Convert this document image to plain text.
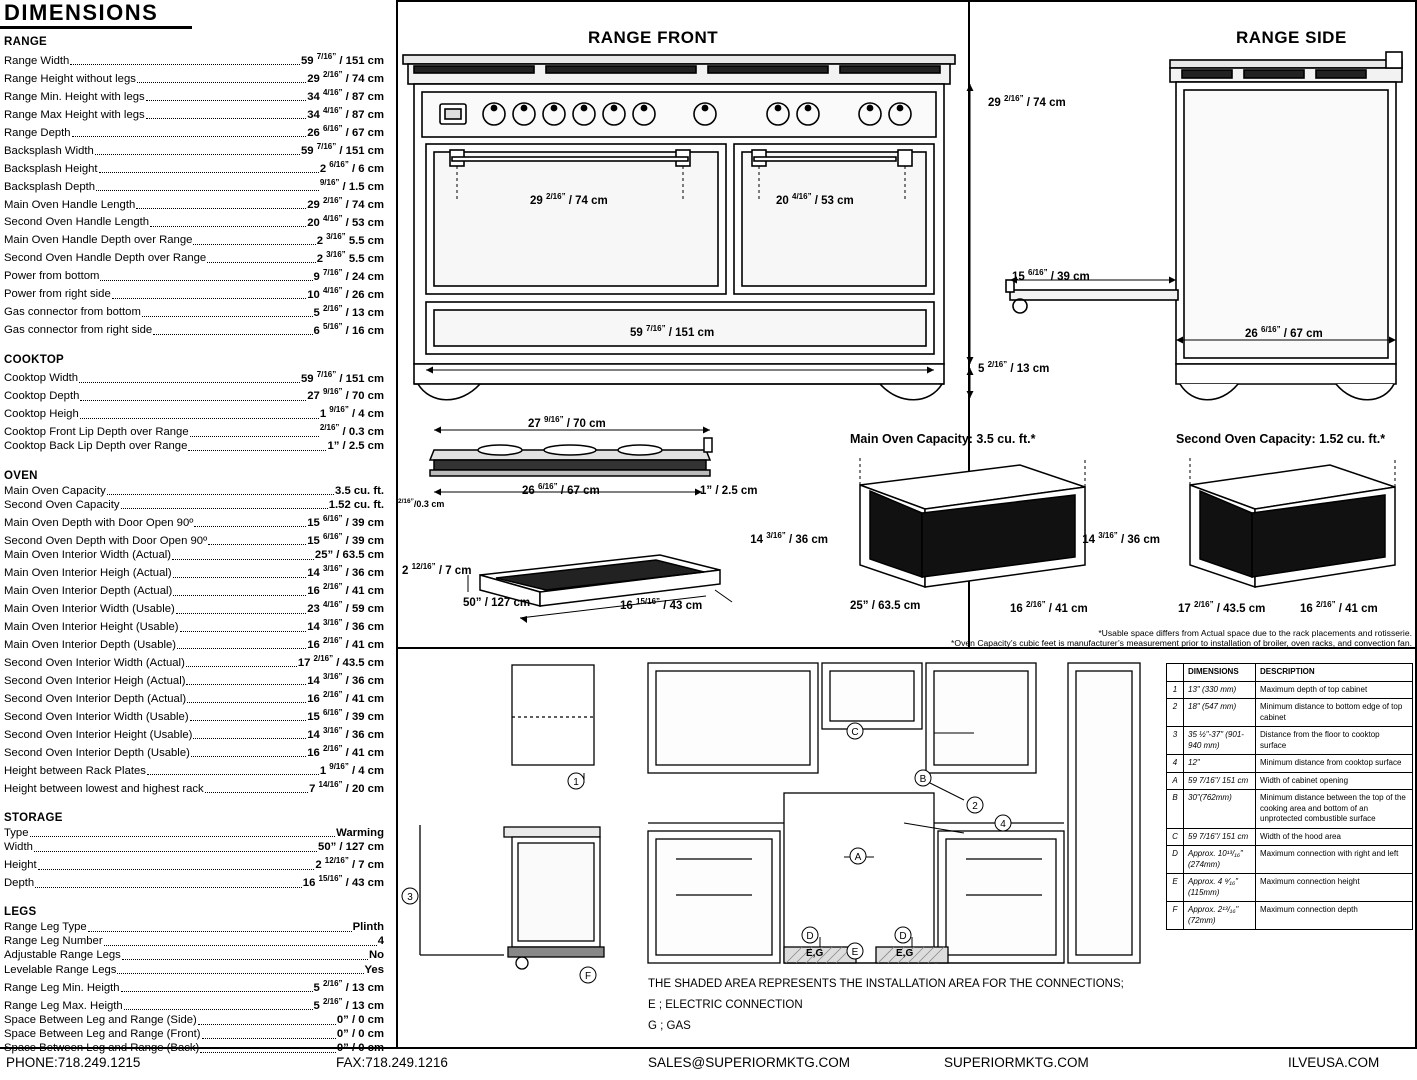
DIMENSIONS
RANGE
Range Width	59 $^{7/16”}$ / 151 cm
Range Height without legs	29 $^{2/16”}$ / 74 cm
Range Min. Height with legs	34 $^{4/16”}$ / 87 cm
Range Max Height with legs	34 $^{4/16”}$ / 87 cm
Range Depth	26 $^{6/16”}$ / 67 cm
Backsplash Width	59 $^{7/16”}$ / 151 cm
Backsplash Height	2 $^{6/16”}$ / 6 cm
Backsplash Depth	$^{9/16”}$ / 1.5 cm
Main Oven Handle Length	29 $^{2/16”}$ / 74 cm
Second Oven Handle Length	20 $^{4/16”}$ / 53 cm
Main Oven Handle Depth over Range	2 $^{3/16”}$ 5.5 cm
Second Oven Handle Depth over Range	2 $^{3/16”}$ 5.5 cm
Power from bottom	9 $^{7/16”}$ / 24 cm
Power from right side	10 $^{4/16”}$ / 26 cm
Gas connector from bottom	5 $^{2/16”}$ / 13 cm
Gas connector from right side	6 $^{5/16”}$ / 16 cm
COOKTOP
Cooktop Width	59 $^{7/16”}$ / 151 cm
Cooktop Depth	27 $^{9/16”}$ / 70 cm
Cooktop Heigh	1 $^{9/16”}$ / 4 cm
Cooktop Front Lip Depth over Range	$^{2/16”}$ / 0.3 cm
Cooktop Back Lip Depth over Range	1” / 2.5 cm
OVEN
Main Oven Capacity	3.5 cu. ft.
Second Oven Capacity	1.52 cu. ft.
Main Oven Depth with Door Open 90º	15 $^{6/16”}$ / 39 cm
Second Oven Depth with Door Open 90º	15 $^{6/16”}$ / 39 cm
Main Oven Interior Width (Actual)	25” / 63.5 cm
Main Oven Interior Heigh (Actual)	14 $^{3/16”}$ / 36 cm
Main Oven Interior Depth (Actual)	16 $^{2/16”}$ / 41 cm
Main Oven Interior Width (Usable)	23 $^{4/16”}$ / 59 cm
Main Oven Interior Height (Usable)	14 $^{3/16”}$ / 36 cm
Main Oven Interior Depth (Usable)	16 $^{2/16”}$ / 41 cm
Second Oven Interior Width (Actual)	17 $^{2/16”}$ / 43.5 cm
Second Oven Interior Heigh (Actual)	14 $^{3/16”}$ / 36 cm
Second Oven Interior Depth (Actual)	16 $^{2/16”}$ / 41 cm
Second Oven Interior Width (Usable)	15 $^{6/16”}$ / 39 cm
Second Oven Interior Height (Usable)	14 $^{3/16”}$ / 36 cm
Second Oven Interior Depth (Usable)	16 $^{2/16”}$ / 41 cm
Height between Rack Plates	1 $^{9/16”}$ / 4 cm
Height between lowest and highest rack	7 $^{14/16”}$ / 20 cm
STORAGE
Type	Warming
Width	50” / 127 cm
Height	2 $^{12/16”}$ / 7 cm
Depth	16 $^{15/16”}$ / 43 cm
LEGS
Range Leg Type	Plinth
Range Leg Number	4
Adjustable Range Legs	No
Levelable Range Legs	Yes
Range Leg Min. Heigth	5 $^{2/16”}$ / 13 cm
Range Leg Max. Heigth	5 $^{2/16”}$ / 13 cm
Space Between Leg and Range (Side)	0” / 0 cm
Space Between Leg and Range (Front)	0” / 0 cm
Space Between Leg and Range (Back)	0” / 0 cm
RANGE FRONT
29 $^{2/16”}$ / 74 cm	20 $^{4/16”}$ / 53 cm
59 $^{7/16”}$ / 151 cm
29 $^{2/16”}$ / 74 cm
5 $^{2/16”}$ / 13 cm
RANGE SIDE
15 $^{6/16”}$ / 39 cm
26 $^{6/16”}$ / 67 cm
27 $^{9/16”}$ / 70 cm
26 $^{6/16”}$ / 67 cm	1” / 2.5 cm
$^{2/16”}$/0.3 cm
2 $^{12/16”}$ / 7 cm
50” / 127 cm	16 $^{15/16”}$ / 43 cm
Main Oven Capacity: 3.5 cu. ft.*
14 $^{3/16”}$ / 36 cm
25” / 63.5 cm	16 $^{2/16”}$ / 41 cm
Second Oven Capacity: 1.52 cu. ft.*
14 $^{3/16”}$ / 36 cm
17 $^{2/16”}$ / 43.5 cm	16 $^{2/16”}$ / 41 cm
*Usable space differs from Actual space due to the rack placements and rotisserie.
*Oven Capacity’s cubic feet is manufacturer’s measurement prior to installation of broiler, oven racks, and convection fan.
1
2
3
4
A
B
C
D	D
E
F
E,G	E,G
THE SHADED AREA REPRESENTS THE INSTALLATION AREA FOR THE CONNECTIONS;
E ; ELECTRIC CONNECTION
G ; GAS
	DIMENSIONS	DESCRIPTION
1	13" (330 mm)	Maximum depth of top cabinet
2	18" (547 mm)	Minimum distance to bottom edge of top cabinet
3	35 ½"-37" (901-940 mm)	Distance from the floor to cooktop surface
4	12"	Minimum distance from cooktop surface
A	59 7/16"/ 151 cm	Width of cabinet opening
B	30"(762mm)	Minimum distance between the top of the cooking area and bottom of an unprotected combustible surface
C	59 7/16"/ 151 cm	Width of the hood area
D	Approx. 10¹³/₁₆"(274mm)	Maximum connection with right and left
E	Approx. 4 ⁹⁄₁₆"(115mm)	Maximum connection height
F	Approx. 2¹³/₁₆"(72mm)	Maximum connection depth
PHONE:718.249.1215	FAX:718.249.1216	SALES@SUPERIORMKTG.COM	SUPERIORMKTG.COM	ILVEUSA.COM
